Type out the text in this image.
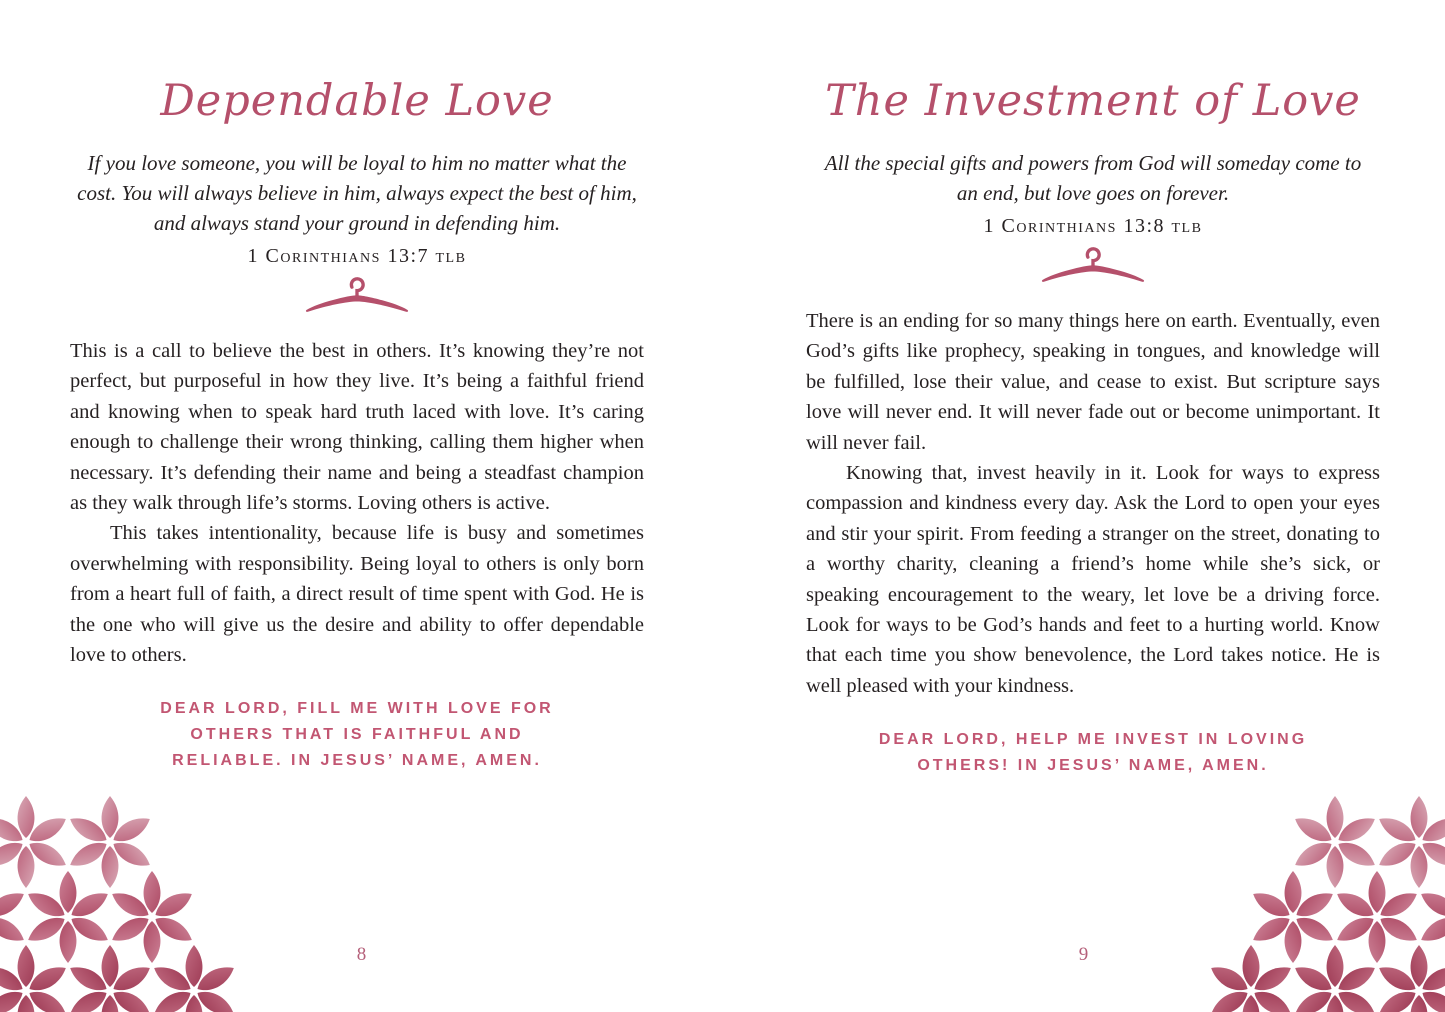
Dependable Love

If you love someone, you will be loyal to him no matter what the cost. You will always believe in him, always expect the best of him, and always stand your ground in defending him.

1 Corinthians 13:7 tlb

This is a call to believe the best in others. It’s knowing they’re not perfect, but purposeful in how they live. It’s being a faithful friend and knowing when to speak hard truth laced with love. It’s caring enough to challenge their wrong thinking, calling them higher when necessary. It’s defending their name and being a steadfast champion as they walk through life’s storms. Loving others is active.

This takes intentionality, because life is busy and sometimes overwhelming with responsibility. Being loyal to others is only born from a heart full of faith, a direct result of time spent with God. He is the one who will give us the desire and ability to offer dependable love to others.

DEAR LORD, FILL ME WITH LOVE FOR OTHERS THAT IS FAITHFUL AND RELIABLE. IN JESUS’ NAME, AMEN.

8
The Investment of Love

All the special gifts and powers from God will someday come to an end, but love goes on forever.

1 Corinthians 13:8 tlb

There is an ending for so many things here on earth. Eventually, even God’s gifts like prophecy, speaking in tongues, and knowledge will be fulfilled, lose their value, and cease to exist. But scripture says love will never end. It will never fade out or become unimportant. It will never fail.

Knowing that, invest heavily in it. Look for ways to express compassion and kindness every day. Ask the Lord to open your eyes and stir your spirit. From feeding a stranger on the street, donating to a worthy charity, cleaning a friend’s home while she’s sick, or speaking encouragement to the weary, let love be a driving force. Look for ways to be God’s hands and feet to a hurting world. Know that each time you show benevolence, the Lord takes notice. He is well pleased with your kindness.

DEAR LORD, HELP ME INVEST IN LOVING OTHERS! IN JESUS’ NAME, AMEN.

9
